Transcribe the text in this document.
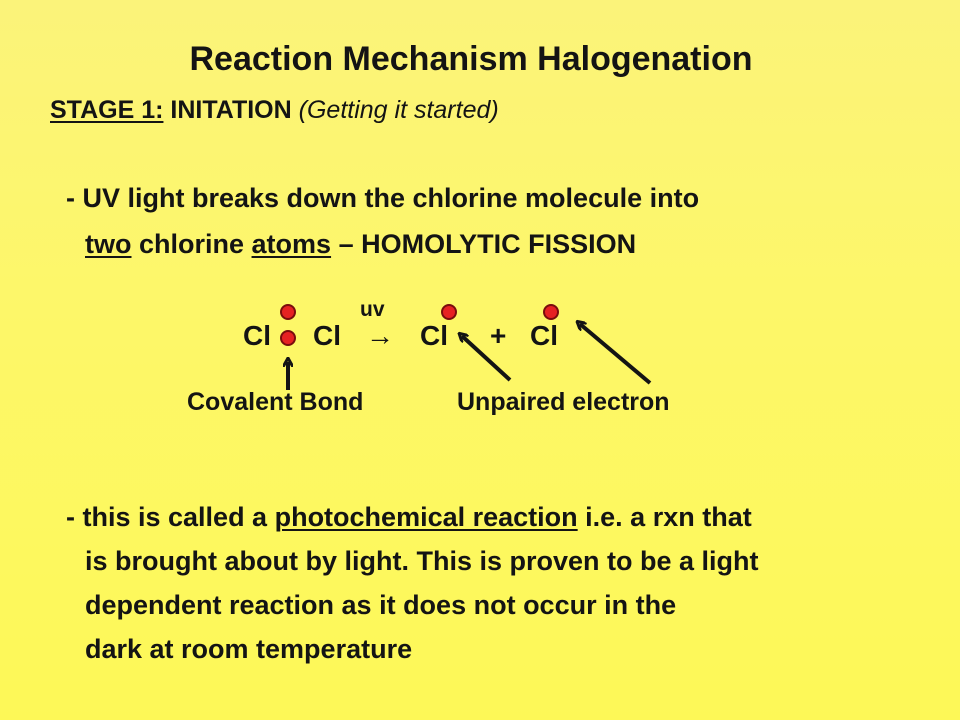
Reaction Mechanism Halogenation
STAGE 1: INITATION (Getting it started)
- UV light breaks down the chlorine molecule into
two chlorine atoms – HOMOLYTIC FISSION
Cl Cl →
uv
Cl + Cl
Covalent Bond	Unpaired electron
- this is called a photochemical reaction i.e. a rxn that
is brought about by light. This is proven to be a light
dependent reaction as it does not occur in the
dark at room temperature
